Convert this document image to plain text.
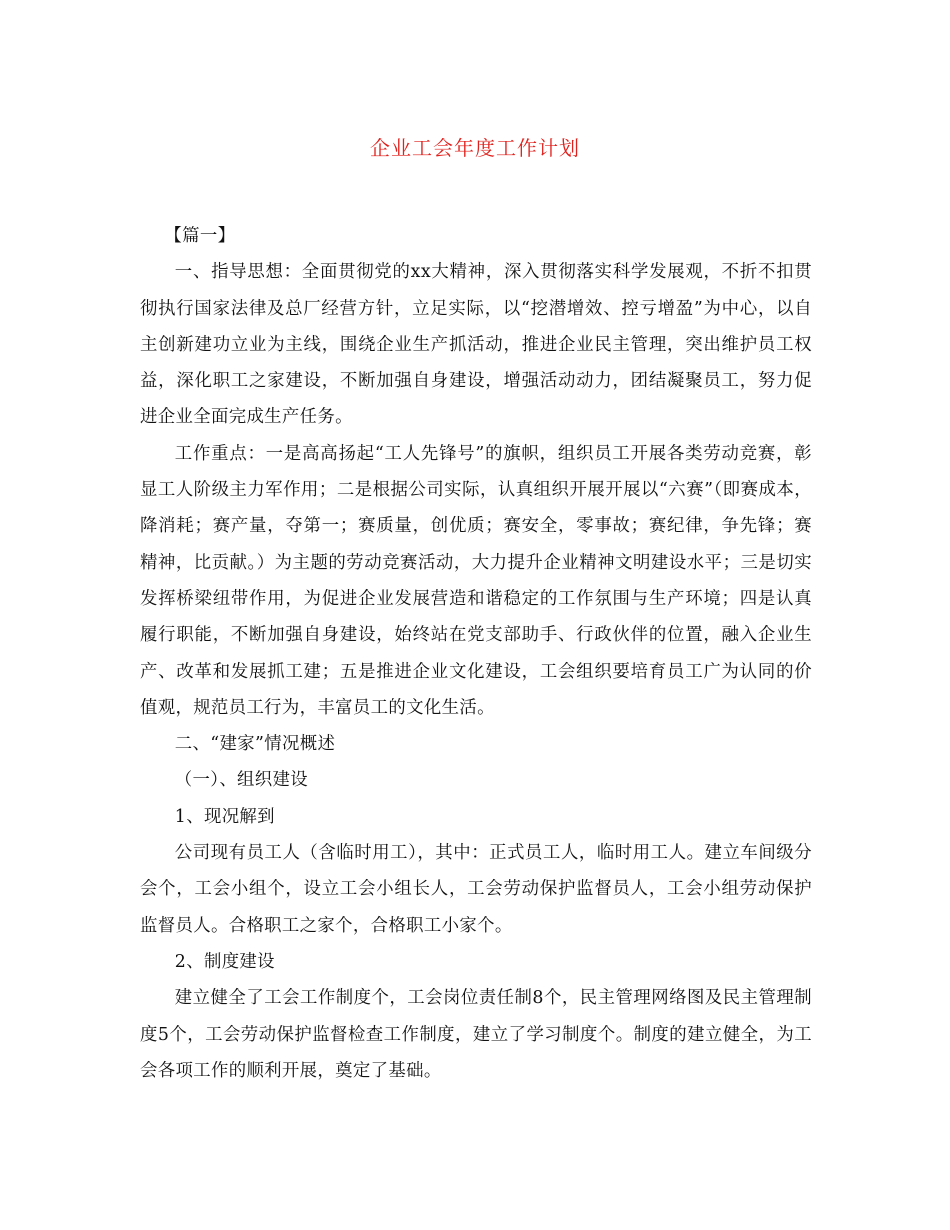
企业工会年度工作计划

【篇一】

一、指导思想：全面贯彻党的xx大精神，深入贯彻落实科学发展观，不折不扣贯彻执行国家法律及总厂经营方针，立足实际，以“挖潜增效、控亏增盈”为中心，以自主创新建功立业为主线，围绕企业生产抓活动，推进企业民主管理，突出维护员工权益，深化职工之家建设，不断加强自身建设，增强活动动力，团结凝聚员工，努力促进企业全面完成生产任务。

工作重点：一是高高扬起“工人先锋号”的旗帜，组织员工开展各类劳动竞赛，彰显工人阶级主力军作用；二是根据公司实际，认真组织开展开展以“六赛”（即赛成本，降消耗；赛产量，夺第一；赛质量，创优质；赛安全，零事故；赛纪律，争先锋；赛精神，比贡献。）为主题的劳动竞赛活动，大力提升企业精神文明建设水平；三是切实发挥桥梁纽带作用，为促进企业发展营造和谐稳定的工作氛围与生产环境；四是认真履行职能，不断加强自身建设，始终站在党支部助手、行政伙伴的位置，融入企业生产、改革和发展抓工建；五是推进企业文化建设，工会组织要培育员工广为认同的价值观，规范员工行为，丰富员工的文化生活。

二、“建家”情况概述

（一）、组织建设

1、现况解到

公司现有员工人（含临时用工），其中：正式员工人，临时用工人。建立车间级分会个，工会小组个，设立工会小组长人，工会劳动保护监督员人，工会小组劳动保护监督员人。合格职工之家个，合格职工小家个。

2、制度建设

建立健全了工会工作制度个，工会岗位责任制8个，民主管理网络图及民主管理制度5个，工会劳动保护监督检查工作制度，建立了学习制度个。制度的建立健全，为工会各项工作的顺利开展，奠定了基础。
